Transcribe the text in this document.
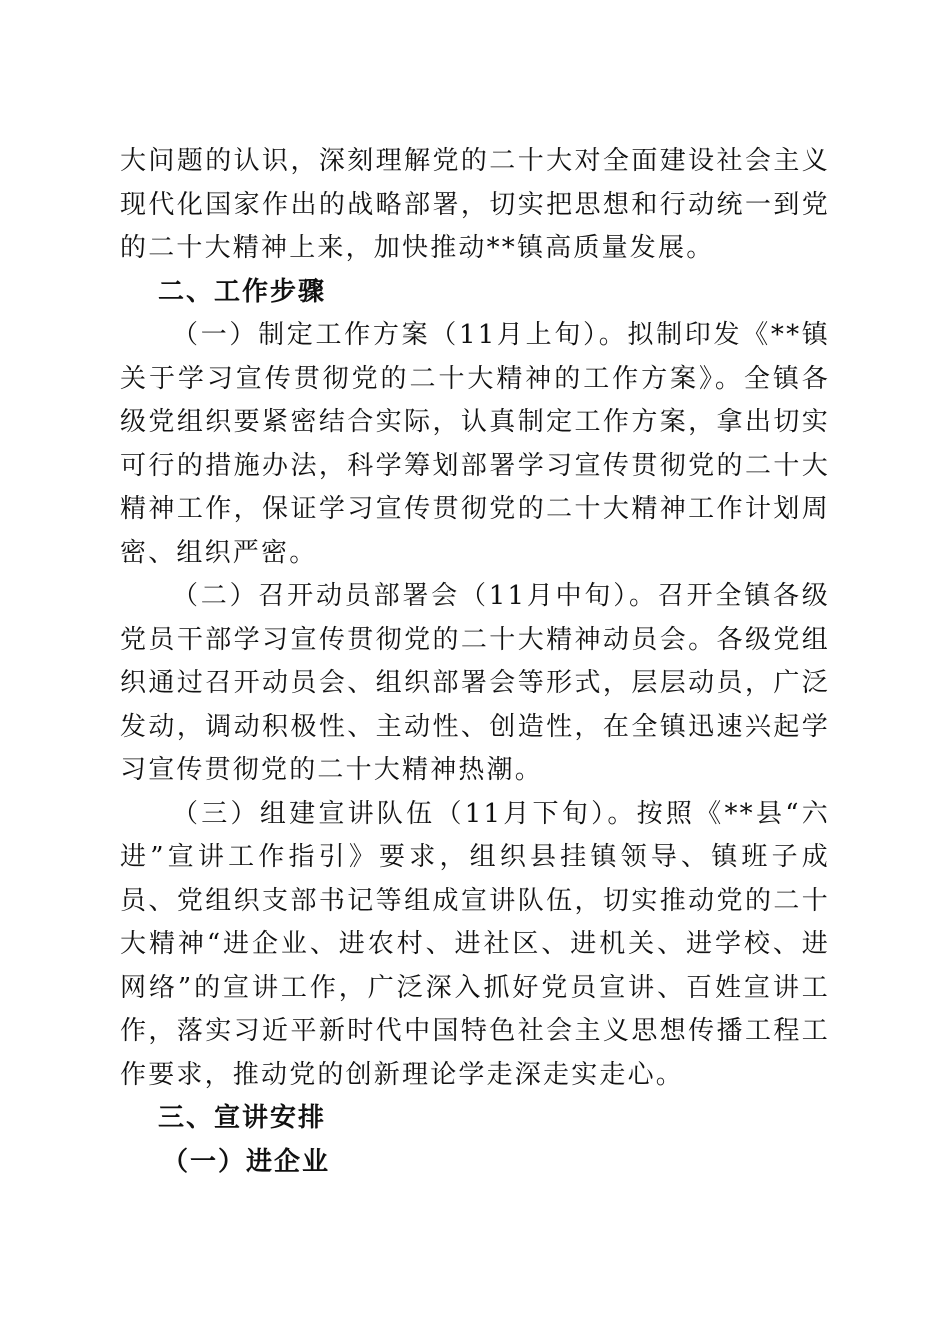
大问题的认识，深刻理解党的二十大对全面建设社会主义现代化国家作出的战略部署，切实把思想和行动统一到党的二十大精神上来，加快推动**镇高质量发展。

二、工作步骤

（一）制定工作方案（11月上旬）。拟制印发《**镇关于学习宣传贯彻党的二十大精神的工作方案》。全镇各级党组织要紧密结合实际，认真制定工作方案，拿出切实可行的措施办法，科学筹划部署学习宣传贯彻党的二十大精神工作，保证学习宣传贯彻党的二十大精神工作计划周密、组织严密。

（二）召开动员部署会（11月中旬）。召开全镇各级党员干部学习宣传贯彻党的二十大精神动员会。各级党组织通过召开动员会、组织部署会等形式，层层动员，广泛发动，调动积极性、主动性、创造性，在全镇迅速兴起学习宣传贯彻党的二十大精神热潮。

（三）组建宣讲队伍（11月下旬）。按照《**县“六进”宣讲工作指引》要求，组织县挂镇领导、镇班子成员、党组织支部书记等组成宣讲队伍，切实推动党的二十大精神“进企业、进农村、进社区、进机关、进学校、进网络”的宣讲工作，广泛深入抓好党员宣讲、百姓宣讲工作，落实习近平新时代中国特色社会主义思想传播工程工作要求，推动党的创新理论学走深走实走心。

三、宣讲安排

（一）进企业
